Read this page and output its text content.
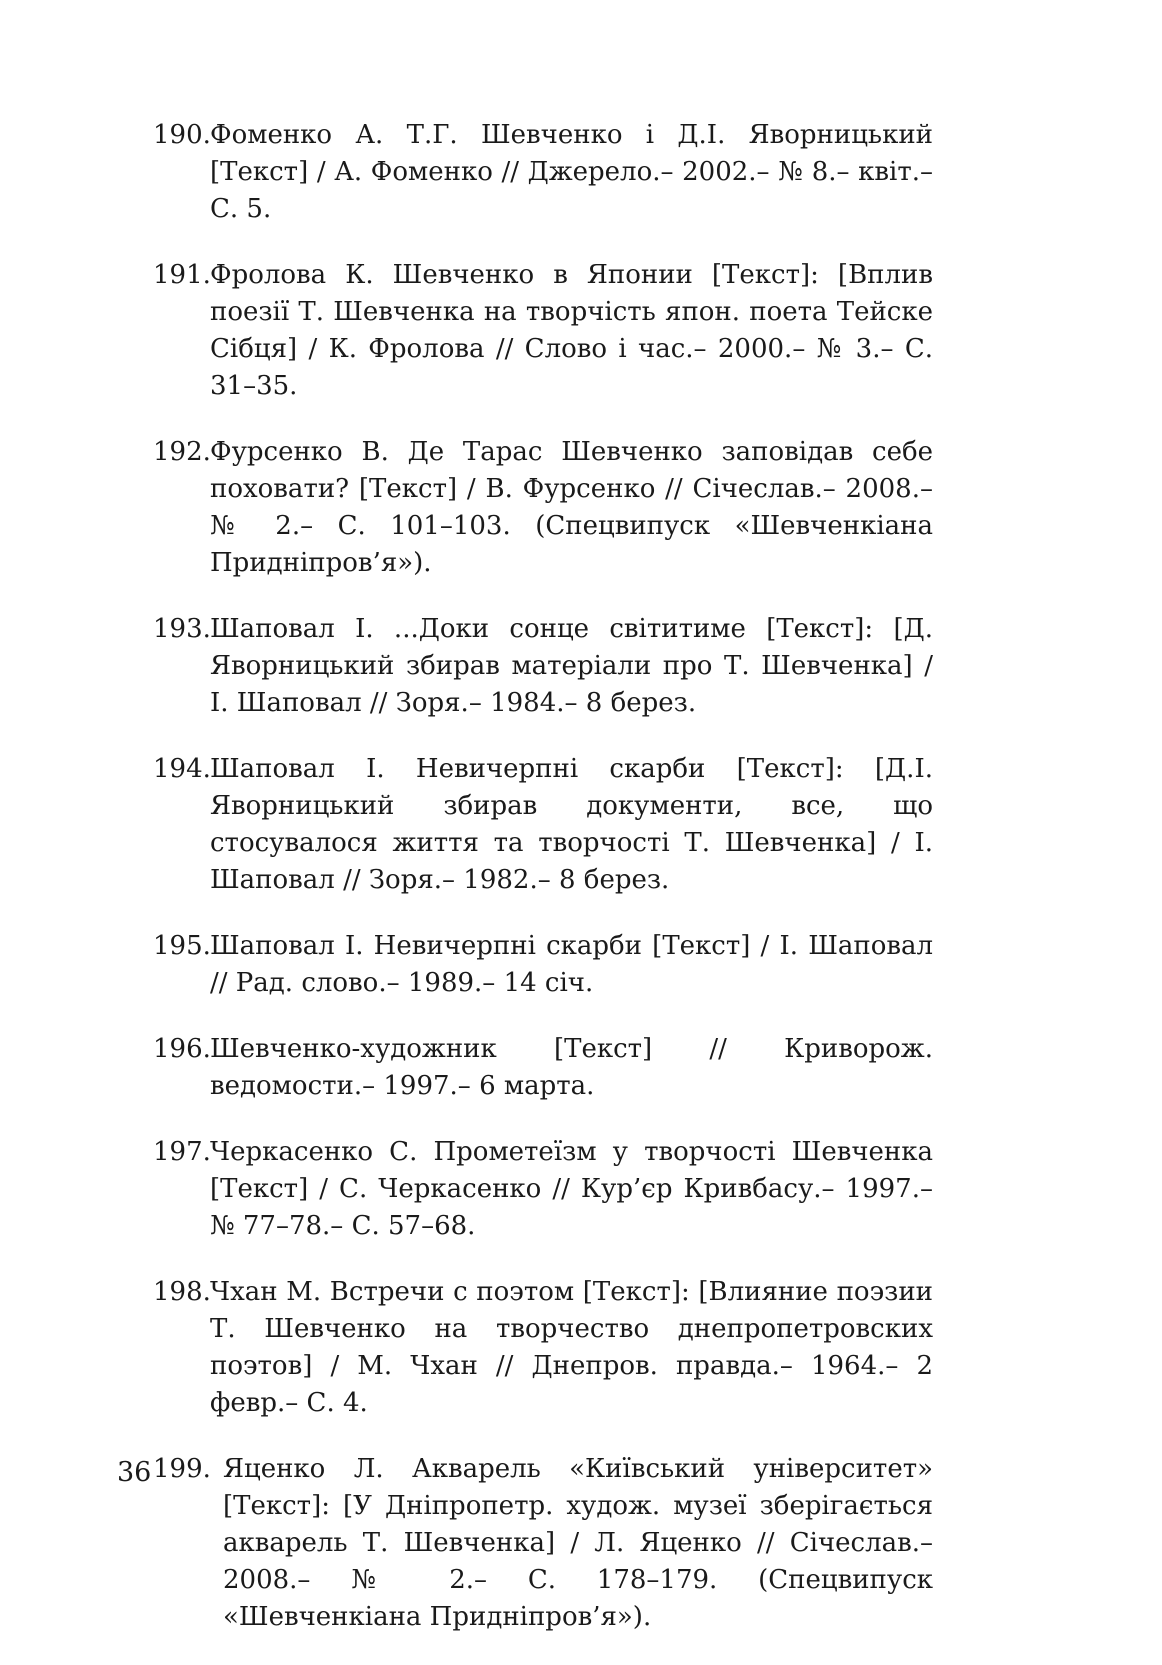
190. Фоменко А. Т.Г. Шевченко і Д.І. Яворницький [Текст] / А. Фоменко // Джерело.– 2002.– № 8.– квіт.– С. 5.
191. Фролова К. Шевченко в Японии [Текст]: [Вплив поезії Т. Шевченка на творчість япон. поета Тейске Сібця] / К. Фролова // Слово і час.– 2000.– № 3.– С. 31–35.
192. Фурсенко В. Де Тарас Шевченко заповідав себе поховати? [Текст] / В. Фурсенко // Січеслав.– 2008.– № 2.– С. 101–103. (Спецвипуск «Шевченкіана Придніпров’я»).
193. Шаповал І. ...Доки сонце світитиме [Текст]: [Д. Яворницький збирав матеріали про Т. Шевченка] / І. Шаповал // Зоря.– 1984.– 8 берез.
194. Шаповал І. Невичерпні скарби [Текст]: [Д.І. Яворницький збирав документи, все, що стосувалося життя та творчості Т. Шевченка] / І. Шаповал // Зоря.– 1982.– 8 берез.
195. Шаповал І. Невичерпні скарби [Текст] / І. Шаповал // Рад. слово.– 1989.– 14 січ.
196. Шевченко-художник [Текст] // Криворож. ведомости.– 1997.– 6 марта.
197. Черкасенко С. Прометеїзм у творчості Шевченка [Текст] / С. Черкасенко // Кур’єр Кривбасу.– 1997.– № 77–78.– С. 57–68.
198. Чхан М. Встречи с поэтом [Текст]: [Влияние поэзии Т. Шевченко на творчество днепропетровских поэтов] / М. Чхан // Днепров. правда.– 1964.– 2 февр.– С. 4.
199. Яценко Л. Акварель «Київський університет» [Текст]: [У Дніпропетр. худож. музеї зберігається акварель Т. Шевченка] / Л. Яценко // Січеслав.– 2008.– № 2.– С. 178–179. (Спецвипуск «Шевченкіана Придніпров’я»).
36
